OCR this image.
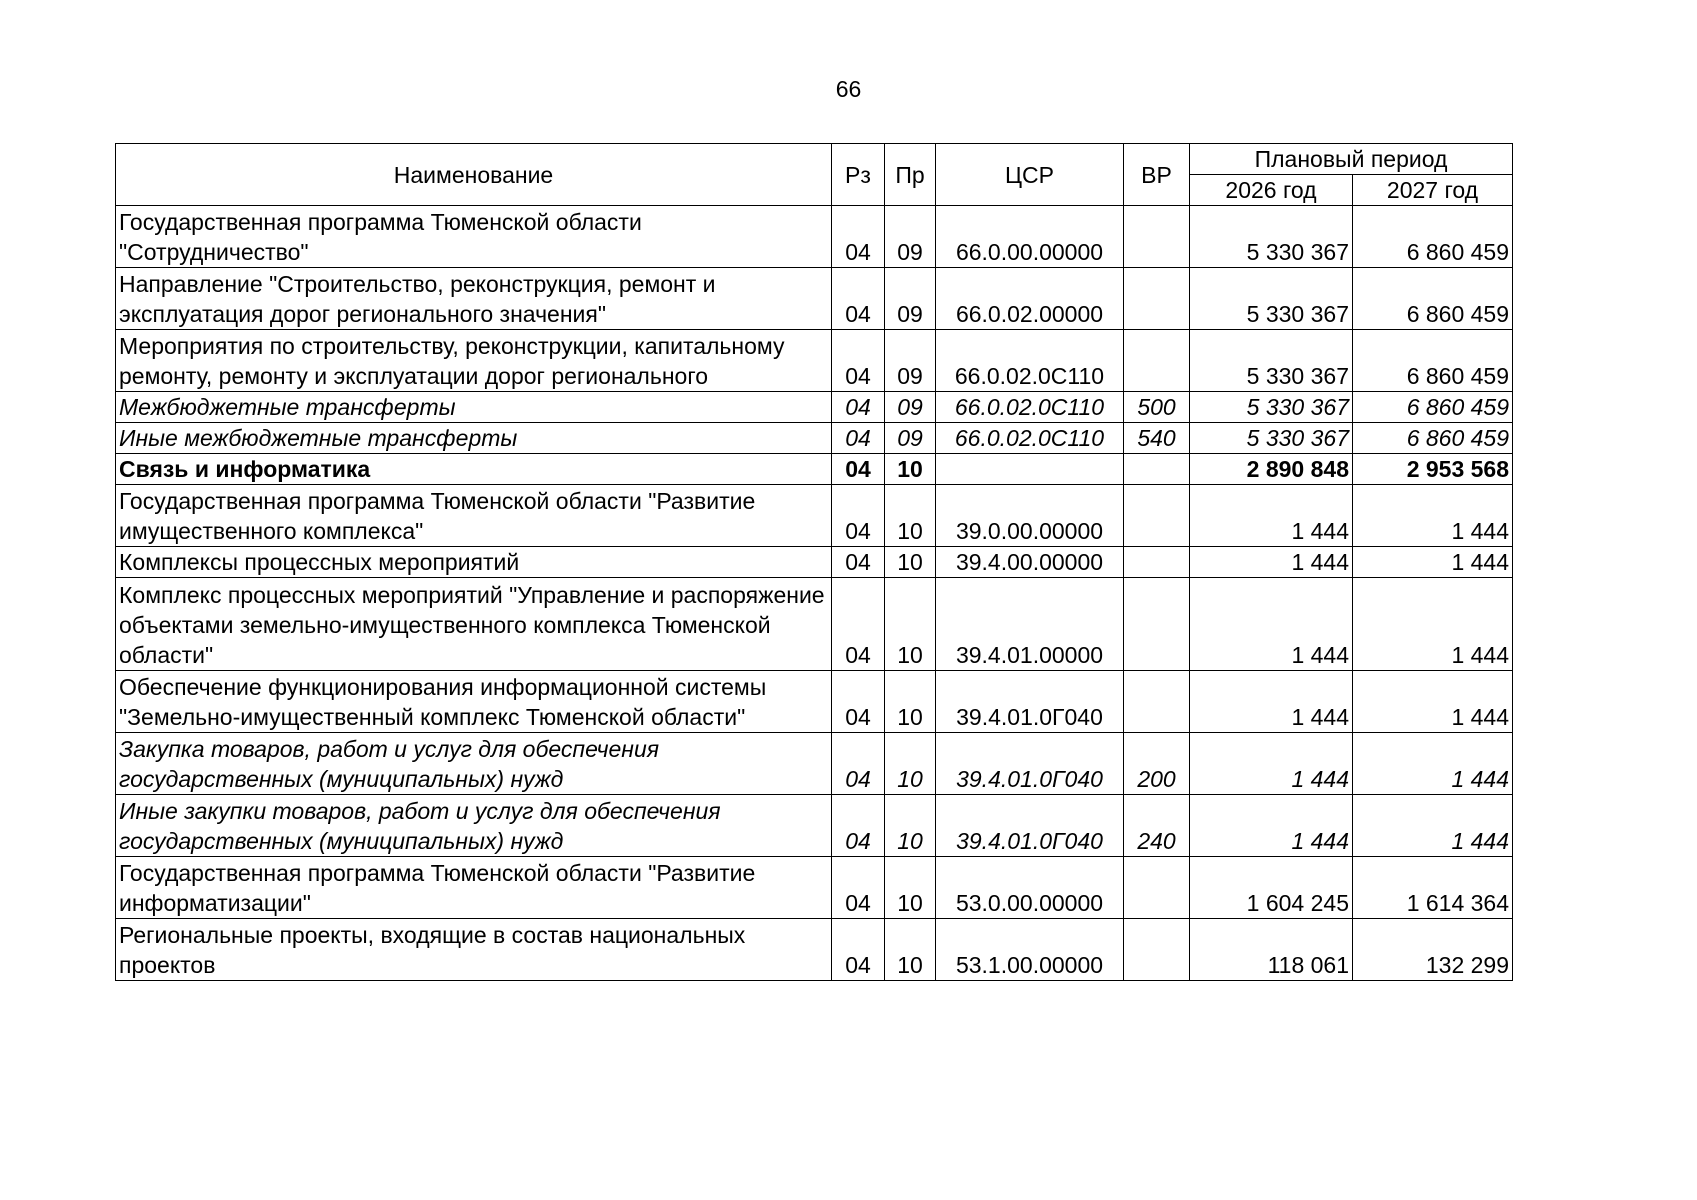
66
Наименование	Рз	Пр	ЦСР	ВР	Плановый период	
					2026 год	2027 год
Государственная программа Тюменской области "Сотрудничество"	04	09	66.0.00.00000		5 330 367	6 860 459
Направление "Строительство, реконструкция, ремонт и эксплуатация дорог регионального значения"	04	09	66.0.02.00000		5 330 367	6 860 459
Мероприятия по строительству, реконструкции, капитальному ремонту, ремонту и эксплуатации дорог регионального	04	09	66.0.02.0С110		5 330 367	6 860 459
Межбюджетные трансферты	04	09	66.0.02.0С110	500	5 330 367	6 860 459
Иные межбюджетные трансферты	04	09	66.0.02.0С110	540	5 330 367	6 860 459
Связь и информатика	04	10			2 890 848	2 953 568
Государственная программа Тюменской области "Развитие имущественного комплекса"	04	10	39.0.00.00000		1 444	1 444
Комплексы процессных мероприятий	04	10	39.4.00.00000		1 444	1 444
Комплекс процессных мероприятий "Управление и распоряжение объектами земельно-имущественного комплекса Тюменской области"	04	10	39.4.01.00000		1 444	1 444
Обеспечение функционирования информационной системы "Земельно-имущественный комплекс Тюменской области"	04	10	39.4.01.0Г040		1 444	1 444
Закупка товаров, работ и услуг для обеспечения государственных (муниципальных) нужд	04	10	39.4.01.0Г040	200	1 444	1 444
Иные закупки товаров, работ и услуг для обеспечения государственных (муниципальных) нужд	04	10	39.4.01.0Г040	240	1 444	1 444
Государственная программа Тюменской области "Развитие информатизации"	04	10	53.0.00.00000		1 604 245	1 614 364
Региональные проекты, входящие в состав национальных проектов	04	10	53.1.00.00000		118 061	132 299
